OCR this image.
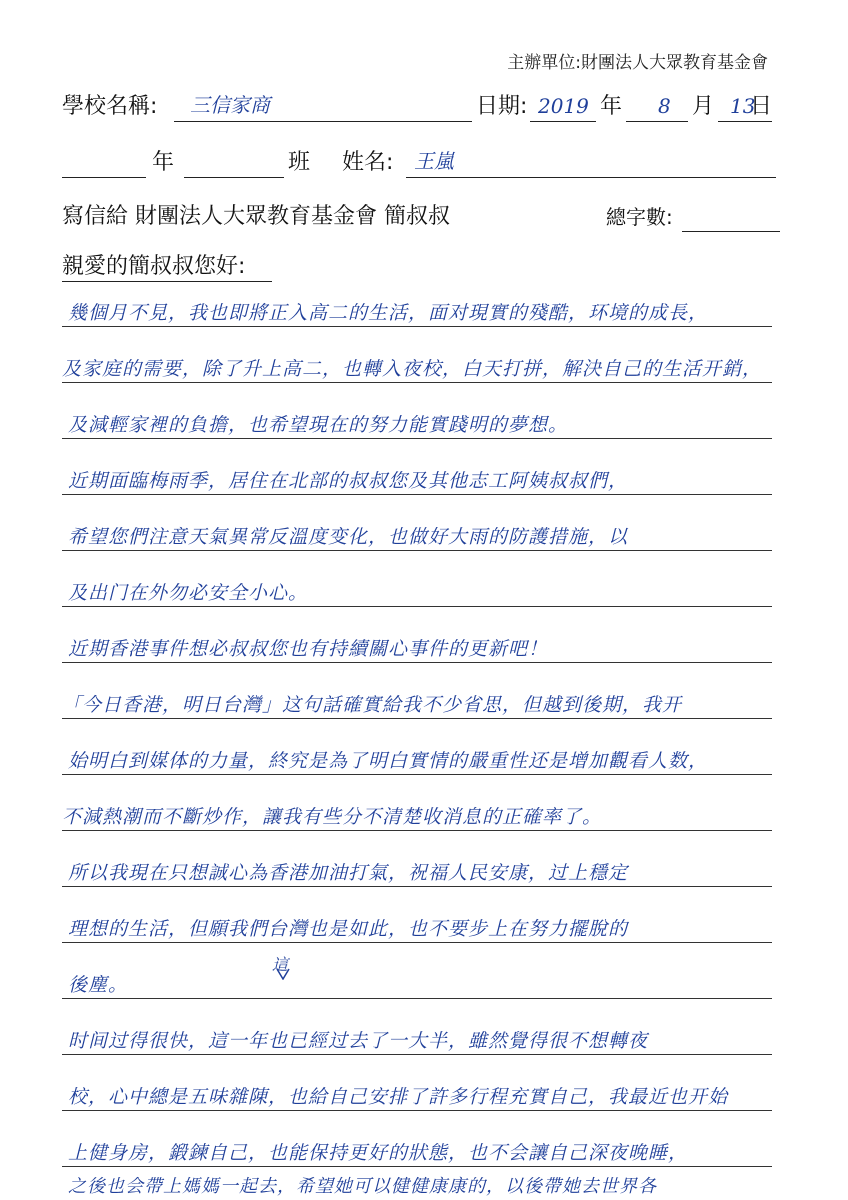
主辦單位:財團法人大眾教育基金會
學校名稱: 三信家商	日期: 2019 年 8 月 13
日
年	班 姓名: 王嵐
寫信給 財團法人大眾教育基金會 簡叔叔	總字數:
親愛的簡叔叔您好:
幾個月不見，我也即將正入高二的生活，面对現實的殘酷，环境的成長，
及家庭的需要，除了升上高二，也轉入夜校，白天打拼，解決自己的生活开銷，
及減輕家裡的負擔，也希望現在的努力能實踐明的夢想。
近期面臨梅雨季，居住在北部的叔叔您及其他志工阿姨叔叔們，
希望您們注意天氣異常反溫度变化，也做好大雨的防護措施，以
及出门在外勿必安全小心。
近期香港事件想必叔叔您也有持續關心事件的更新吧！
「今日香港，明日台灣」这句話確實給我不少省思，但越到後期，我开
始明白到媒体的力量，終究是為了明白實情的嚴重性还是增加觀看人数，
不減熱潮而不斷炒作，讓我有些分不清楚收消息的正確率了。
所以我現在只想誠心為香港加油打氣，祝福人民安康，过上穩定
理想的生活，但願我們台灣也是如此，也不要步上在努力擺脫的
後塵。
时间过得很快，這一年也已經过去了一大半，雖然覺得很不想轉夜
校，心中總是五味雜陳，也給自己安排了許多行程充實自己，我最近也开始
上健身房，鍛鍊自己，也能保持更好的狀態，也不会讓自己深夜晚睡，
之後也会帶上媽媽一起去，希望她可以健健康康的，以後帶她去世界各
這
